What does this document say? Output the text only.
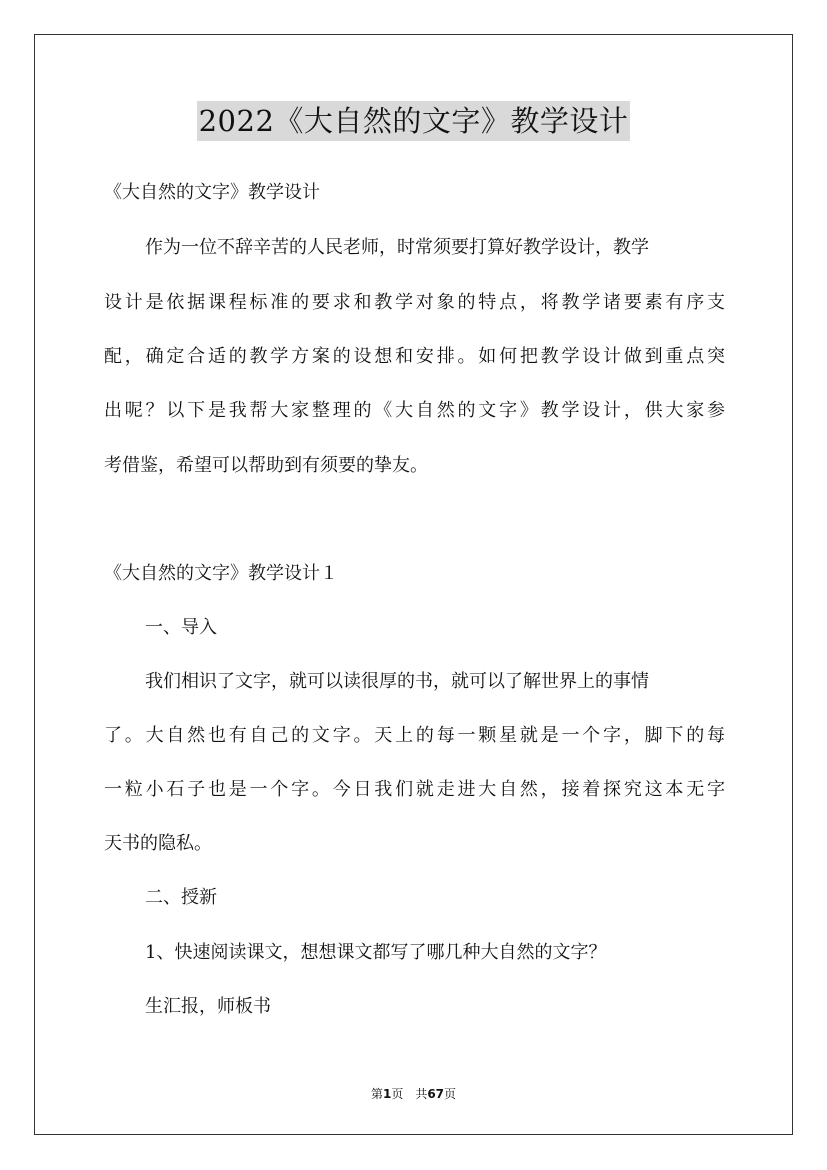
2022《大自然的文字》教学设计
《大自然的文字》教学设计
作为一位不辞辛苦的人民老师，时常须要打算好教学设计，教学
设计是依据课程标准的要求和教学对象的特点，将教学诸要素有序支
配，确定合适的教学方案的设想和安排。如何把教学设计做到重点突
出呢？以下是我帮大家整理的《大自然的文字》教学设计，供大家参
考借鉴，希望可以帮助到有须要的挚友。
《大自然的文字》教学设计１
一、导入
我们相识了文字，就可以读很厚的书，就可以了解世界上的事情
了。大自然也有自己的文字。天上的每一颗星就是一个字，脚下的每
一粒小石子也是一个字。今日我们就走进大自然，接着探究这本无字
天书的隐私。
二、授新
1、快速阅读课文，想想课文都写了哪几种大自然的文字？
生汇报，师板书
第1页　共67页
